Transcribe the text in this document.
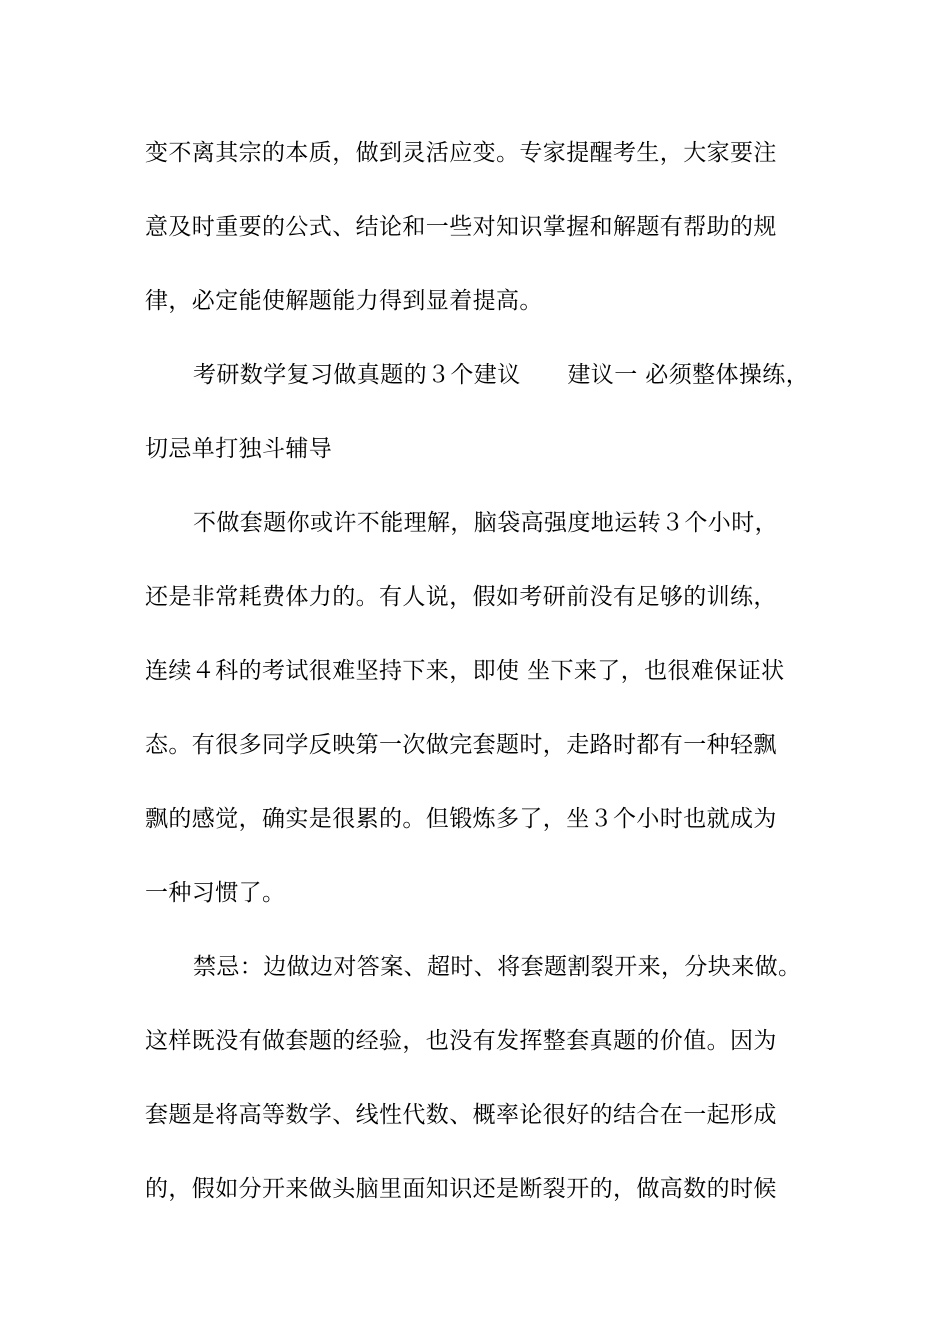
变不离其宗的本质，做到灵活应变。专家提醒考生，大家要注
意及时重要的公式、结论和一些对知识掌握和解题有帮助的规
律，必定能使解题能力得到显着提高。
考研数学复习做真题的３个建议　　建议一 必须整体操练，
切忌单打独斗辅导
不做套题你或许不能理解，脑袋高强度地运转３个小时，
还是非常耗费体力的。有人说，假如考研前没有足够的训练，
连续４科的考试很难坚持下来，即使 坐下来了，也很难保证状
态。有很多同学反映第一次做完套题时，走路时都有一种轻飘
飘的感觉，确实是很累的。但锻炼多了，坐３个小时也就成为
一种习惯了。
禁忌：边做边对答案、超时、将套题割裂开来，分块来做。
这样既没有做套题的经验，也没有发挥整套真题的价值。因为
套题是将高等数学、线性代数、概率论很好的结合在一起形成
的，假如分开来做头脑里面知识还是断裂开的，做高数的时候
